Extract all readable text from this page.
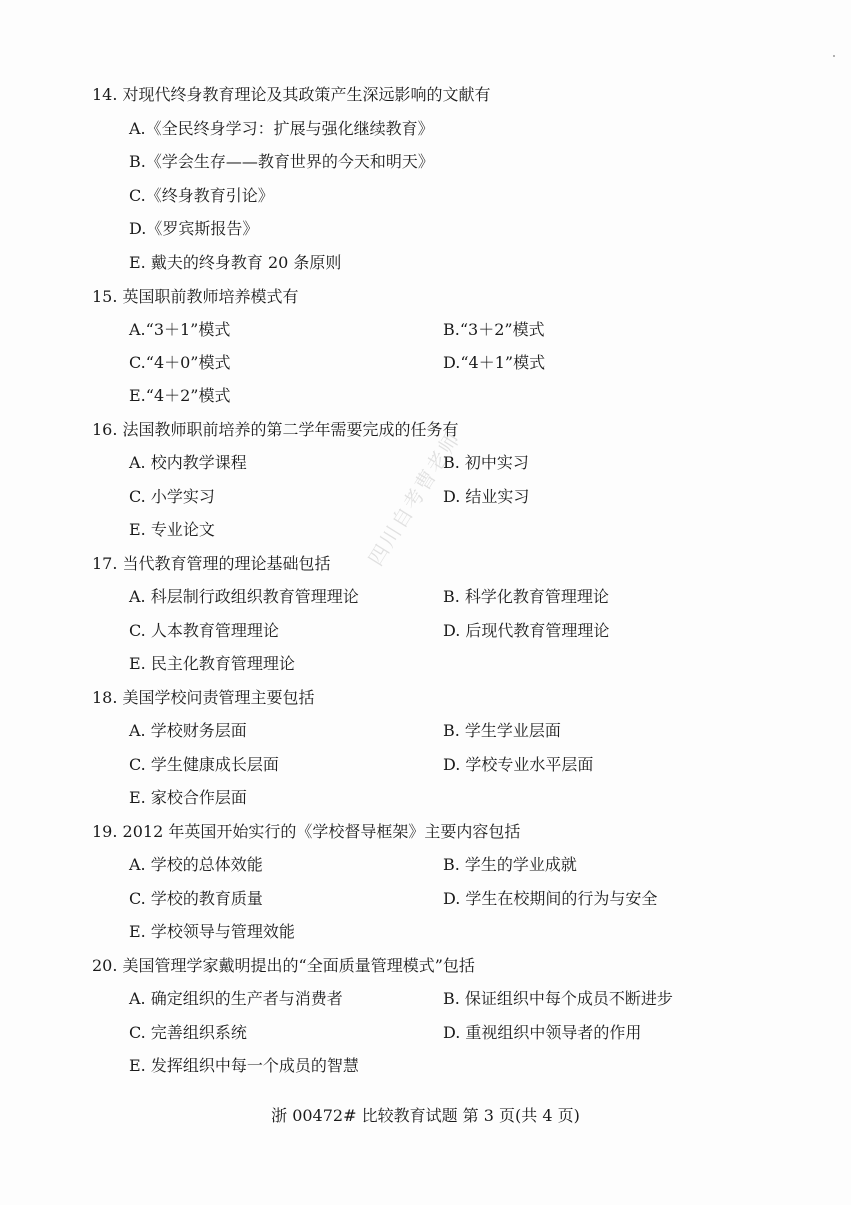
四川自考曹老师
14. 对现代终身教育理论及其政策产生深远影响的文献有
A.《全民终身学习：扩展与强化继续教育》
B.《学会生存——教育世界的今天和明天》
C.《终身教育引论》
D.《罗宾斯报告》
E. 戴夫的终身教育 20 条原则
15. 英国职前教师培养模式有
A.“3＋1”模式	B.“3＋2”模式
C.“4＋0”模式	D.“4＋1”模式
E.“4＋2”模式
16. 法国教师职前培养的第二学年需要完成的任务有
A. 校内教学课程	B. 初中实习
C. 小学实习	D. 结业实习
E. 专业论文
17. 当代教育管理的理论基础包括
A. 科层制行政组织教育管理理论	B. 科学化教育管理理论
C. 人本教育管理理论	D. 后现代教育管理理论
E. 民主化教育管理理论
18. 美国学校问责管理主要包括
A. 学校财务层面	B. 学生学业层面
C. 学生健康成长层面	D. 学校专业水平层面
E. 家校合作层面
19. 2012 年英国开始实行的《学校督导框架》主要内容包括
A. 学校的总体效能	B. 学生的学业成就
C. 学校的教育质量	D. 学生在校期间的行为与安全
E. 学校领导与管理效能
20. 美国管理学家戴明提出的“全面质量管理模式”包括
A. 确定组织的生产者与消费者	B. 保证组织中每个成员不断进步
C. 完善组织系统	D. 重视组织中领导者的作用
E. 发挥组织中每一个成员的智慧
浙 00472# 比较教育试题 第 3 页(共 4 页)
